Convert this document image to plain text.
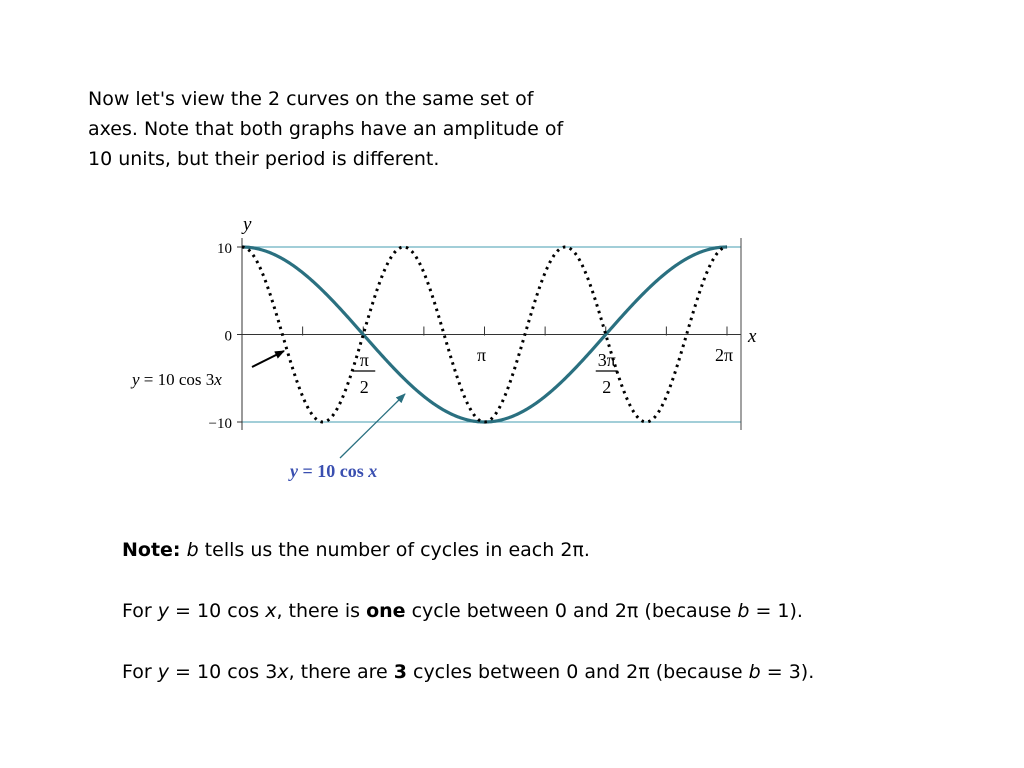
Now let's view the 2 curves on the same set of

axes. Note that both graphs have an amplitude of

10 units, but their period is different.

y
x
10
0
−10
π
2
π	3π
2
2π
y = 10 cos 3x
y = 10 cos x

Note: b tells us the number of cycles in each 2π.

For y = 10 cos x, there is one cycle between 0 and 2π (because b = 1).

For y = 10 cos 3x, there are 3 cycles between 0 and 2π (because b = 3).
